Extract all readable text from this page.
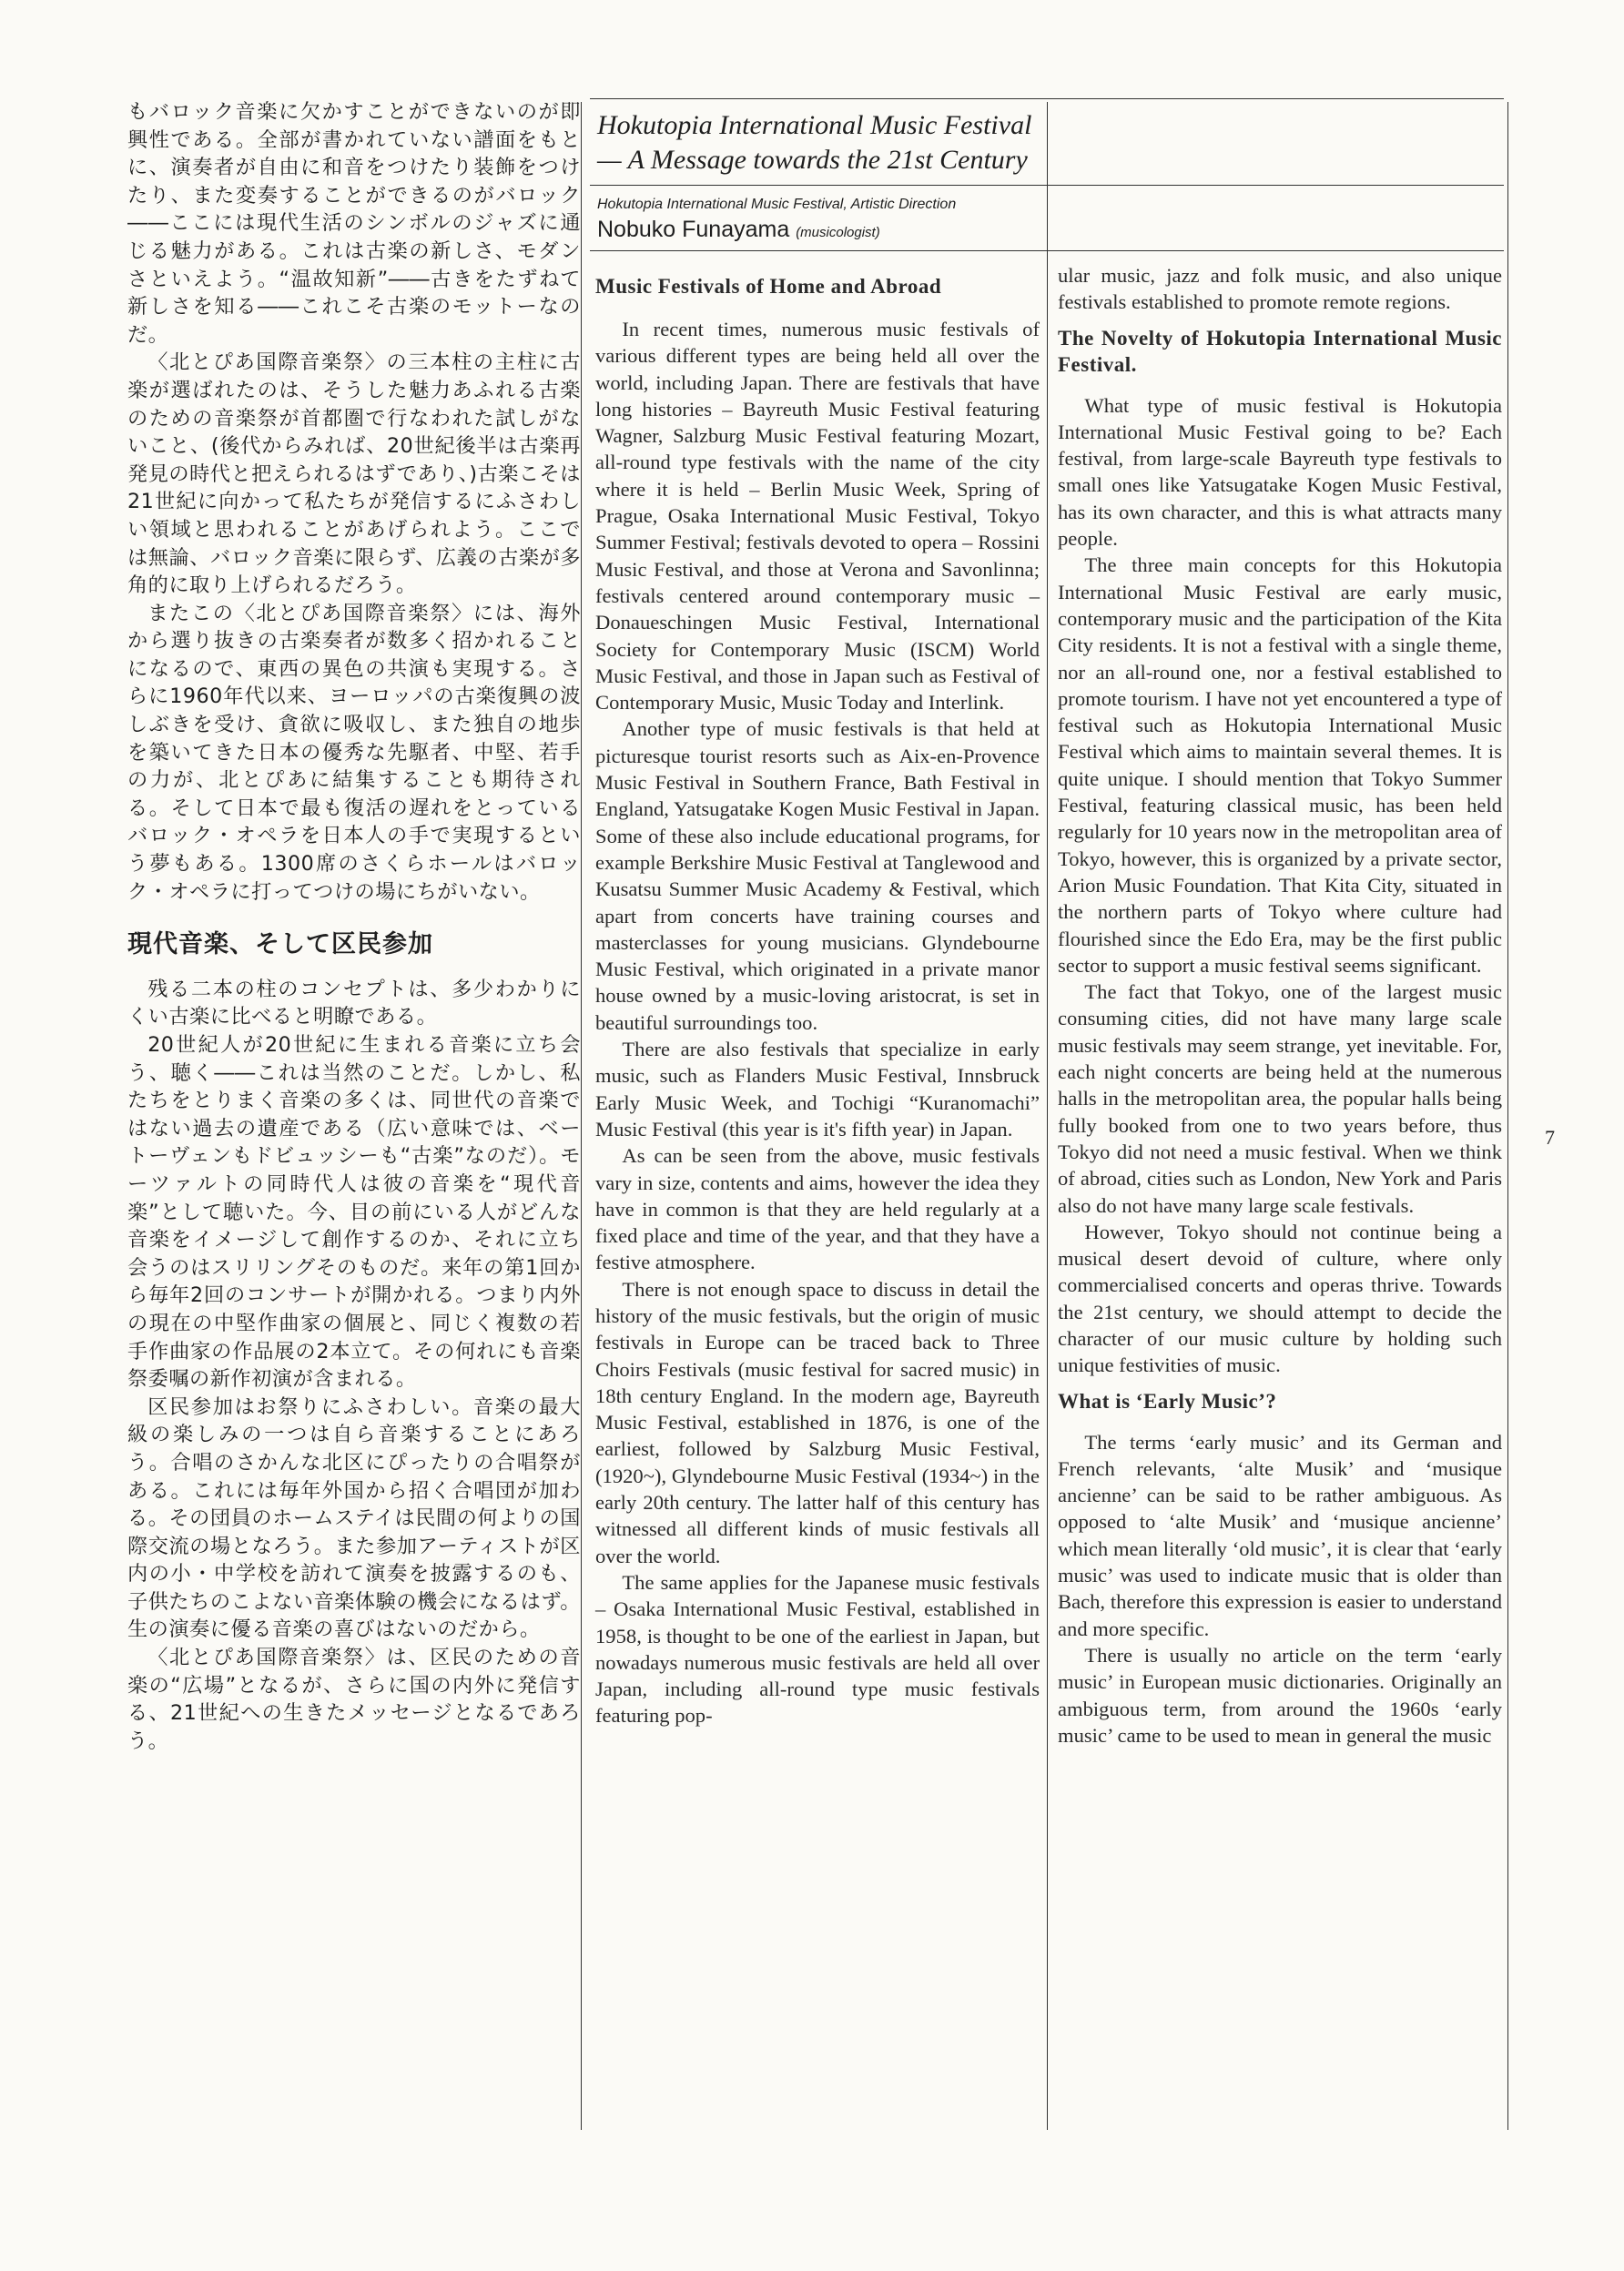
もバロック音楽に欠かすことができないのが即興性である。全部が書かれていない譜面をもとに、演奏者が自由に和音をつけたり装飾をつけたり、また変奏することができるのがバロック――ここには現代生活のシンボルのジャズに通じる魅力がある。これは古楽の新しさ、モダンさといえよう。“温故知新”――古きをたずねて新しさを知る――これこそ古楽のモットーなのだ。

〈北とぴあ国際音楽祭〉の三本柱の主柱に古楽が選ばれたのは、そうした魅力あふれる古楽のための音楽祭が首都圏で行なわれた試しがないこと、(後代からみれば、20世紀後半は古楽再発見の時代と把えられるはずであり、)古楽こそは21世紀に向かって私たちが発信するにふさわしい領域と思われることがあげられよう。ここでは無論、バロック音楽に限らず、広義の古楽が多角的に取り上げられるだろう。

またこの〈北とぴあ国際音楽祭〉には、海外から選り抜きの古楽奏者が数多く招かれることになるので、東西の異色の共演も実現する。さらに1960年代以来、ヨーロッパの古楽復興の波しぶきを受け、貪欲に吸収し、また独自の地歩を築いてきた日本の優秀な先駆者、中堅、若手の力が、北とぴあに結集することも期待される。そして日本で最も復活の遅れをとっているバロック・オペラを日本人の手で実現するという夢もある。1300席のさくらホールはバロック・オペラに打ってつけの場にちがいない。

現代音楽、そして区民参加

残る二本の柱のコンセプトは、多少わかりにくい古楽に比べると明瞭である。

20世紀人が20世紀に生まれる音楽に立ち会う、聴く――これは当然のことだ。しかし、私たちをとりまく音楽の多くは、同世代の音楽ではない過去の遺産である（広い意味では、ベートーヴェンもドビュッシーも“古楽”なのだ）。モーツァルトの同時代人は彼の音楽を“現代音楽”として聴いた。今、目の前にいる人がどんな音楽をイメージして創作するのか、それに立ち会うのはスリリングそのものだ。来年の第1回から毎年2回のコンサートが開かれる。つまり内外の現在の中堅作曲家の個展と、同じく複数の若手作曲家の作品展の2本立て。その何れにも音楽祭委嘱の新作初演が含まれる。

区民参加はお祭りにふさわしい。音楽の最大級の楽しみの一つは自ら音楽することにあろう。合唱のさかんな北区にぴったりの合唱祭がある。これには毎年外国から招く合唱団が加わる。その団員のホームステイは民間の何よりの国際交流の場となろう。また参加アーティストが区内の小・中学校を訪れて演奏を披露するのも、子供たちのこよない音楽体験の機会になるはず。生の演奏に優る音楽の喜びはないのだから。

〈北とぴあ国際音楽祭〉は、区民のための音楽の“広場”となるが、さらに国の内外に発信する、21世紀への生きたメッセージとなるであろう。

Hokutopia International Music Festival
— A Message towards the 21st Century
Hokutopia International Music Festival, Artistic Direction
Nobuko Funayama (musicologist)
Music Festivals of Home and Abroad

In recent times, numerous music festivals of various different types are being held all over the world, including Japan. There are festivals that have long histories – Bayreuth Music Festival featuring Wagner, Salzburg Music Festival featuring Mozart, all-round type festivals with the name of the city where it is held – Berlin Music Week, Spring of Prague, Osaka International Music Festival, Tokyo Summer Festival; festivals devoted to opera – Rossini Music Festival, and those at Verona and Savonlinna; festivals centered around contemporary music – Donaueschingen Music Festival, International Society for Contemporary Music (ISCM) World Music Festival, and those in Japan such as Festival of Contemporary Music, Music Today and Interlink.

Another type of music festivals is that held at picturesque tourist resorts such as Aix-en-Provence Music Festival in Southern France, Bath Festival in England, Yatsugatake Kogen Music Festival in Japan. Some of these also include educational programs, for example Berkshire Music Festival at Tanglewood and Kusatsu Summer Music Academy & Festival, which apart from concerts have training courses and masterclasses for young musicians. Glyndebourne Music Festival, which originated in a private manor house owned by a music-loving aristocrat, is set in beautiful surroundings too.

There are also festivals that specialize in early music, such as Flanders Music Festival, Innsbruck Early Music Week, and Tochigi “Kuranomachi” Music Festival (this year is it's fifth year) in Japan.

As can be seen from the above, music festivals vary in size, contents and aims, however the idea they have in common is that they are held regularly at a fixed place and time of the year, and that they have a festive atmosphere.

There is not enough space to discuss in detail the history of the music festivals, but the origin of music festivals in Europe can be traced back to Three Choirs Festivals (music festival for sacred music) in 18th century England. In the modern age, Bayreuth Music Festival, established in 1876, is one of the earliest, followed by Salzburg Music Festival, (1920~), Glyndebourne Music Festival (1934~) in the early 20th century. The latter half of this century has witnessed all different kinds of music festivals all over the world.

The same applies for the Japanese music festivals – Osaka International Music Festival, established in 1958, is thought to be one of the earliest in Japan, but nowadays numerous music festivals are held all over Japan, including all-round type music festivals featuring pop-

ular music, jazz and folk music, and also unique festivals established to promote remote regions.

The Novelty of Hokutopia International Music Festival.

What type of music festival is Hokutopia International Music Festival going to be? Each festival, from large-scale Bayreuth type festivals to small ones like Yatsugatake Kogen Music Festival, has its own character, and this is what attracts many people.

The three main concepts for this Hokutopia International Music Festival are early music, contemporary music and the participation of the Kita City residents. It is not a festival with a single theme, nor an all-round one, nor a festival established to promote tourism. I have not yet encountered a type of festival such as Hokutopia International Music Festival which aims to maintain several themes. It is quite unique. I should mention that Tokyo Summer Festival, featuring classical music, has been held regularly for 10 years now in the metropolitan area of Tokyo, however, this is organized by a private sector, Arion Music Foundation. That Kita City, situated in the northern parts of Tokyo where culture had flourished since the Edo Era, may be the first public sector to support a music festival seems significant.

The fact that Tokyo, one of the largest music consuming cities, did not have many large scale music festivals may seem strange, yet inevitable. For, each night concerts are being held at the numerous halls in the metropolitan area, the popular halls being fully booked from one to two years before, thus Tokyo did not need a music festival. When we think of abroad, cities such as London, New York and Paris also do not have many large scale festivals.

However, Tokyo should not continue being a musical desert devoid of culture, where only commercialised concerts and operas thrive. Towards the 21st century, we should attempt to decide the character of our music culture by holding such unique festivities of music.

What is ‘Early Music’?

The terms ‘early music’ and its German and French relevants, ‘alte Musik’ and ‘musique ancienne’ can be said to be rather ambiguous. As opposed to ‘alte Musik’ and ‘musique ancienne’ which mean literally ‘old music’, it is clear that ‘early music’ was used to indicate music that is older than Bach, therefore this expression is easier to understand and more specific.

There is usually no article on the term ‘early music’ in European music dictionaries. Originally an ambiguous term, from around the 1960s ‘early music’ came to be used to mean in general the music

7
